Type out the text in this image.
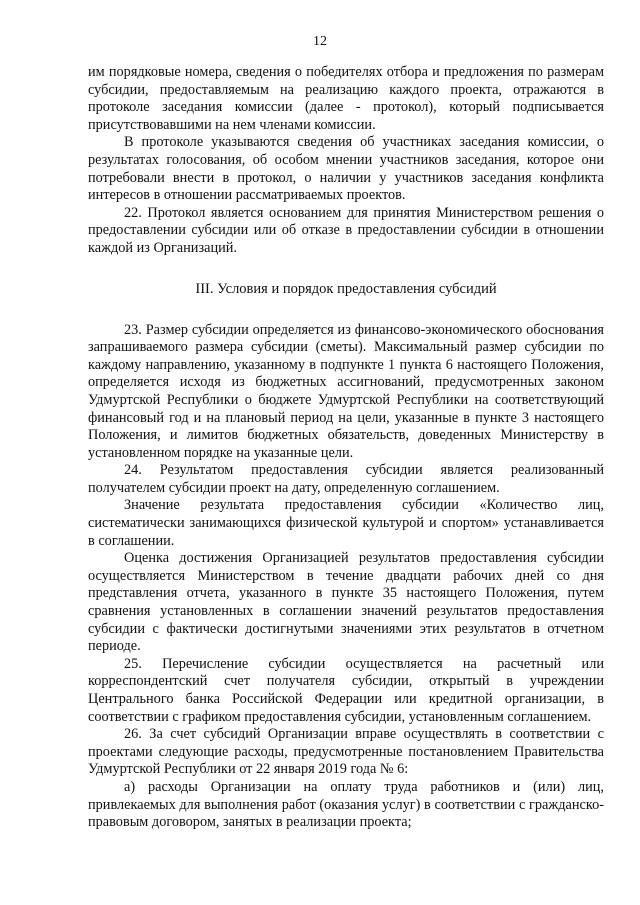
12

им порядковые номера, сведения о победителях отбора и предложения по размерам субсидии, предоставляемым на реализацию каждого проекта, отражаются в протоколе заседания комиссии (далее - протокол), который подписывается присутствовавшими на нем членами комиссии.

В протоколе указываются сведения об участниках заседания комиссии, о результатах голосования, об особом мнении участников заседания, которое они потребовали внести в протокол, о наличии у участников заседания конфликта интересов в отношении рассматриваемых проектов.

22. Протокол является основанием для принятия Министерством решения о предоставлении субсидии или об отказе в предоставлении субсидии в отношении каждой из Организаций.

III. Условия и порядок предоставления субсидий

23. Размер субсидии определяется из финансово-экономического обоснования запрашиваемого размера субсидии (сметы). Максимальный размер субсидии по каждому направлению, указанному в подпункте 1 пункта 6 настоящего Положения, определяется исходя из бюджетных ассигнований, предусмотренных законом Удмуртской Республики о бюджете Удмуртской Республики на соответствующий финансовый год и на плановый период на цели, указанные в пункте 3 настоящего Положения, и лимитов бюджетных обязательств, доведенных Министерству в установленном порядке на указанные цели.

24. Результатом предоставления субсидии является реализованный получателем субсидии проект на дату, определенную соглашением.

Значение результата предоставления субсидии «Количество лиц, систематически занимающихся физической культурой и спортом» устанавливается в соглашении.

Оценка достижения Организацией результатов предоставления субсидии осуществляется Министерством в течение двадцати рабочих дней со дня представления отчета, указанного в пункте 35 настоящего Положения, путем сравнения установленных в соглашении значений результатов предоставления субсидии с фактически достигнутыми значениями этих результатов в отчетном периоде.

25. Перечисление субсидии осуществляется на расчетный или корреспондентский счет получателя субсидии, открытый в учреждении Центрального банка Российской Федерации или кредитной организации, в соответствии с графиком предоставления субсидии, установленным соглашением.

26. За счет субсидий Организации вправе осуществлять в соответствии с проектами следующие расходы, предусмотренные постановлением Правительства Удмуртской Республики от 22 января 2019 года № 6:

а) расходы Организации на оплату труда работников и (или) лиц, привлекаемых для выполнения работ (оказания услуг) в соответствии с гражданско-правовым договором, занятых в реализации проекта;
